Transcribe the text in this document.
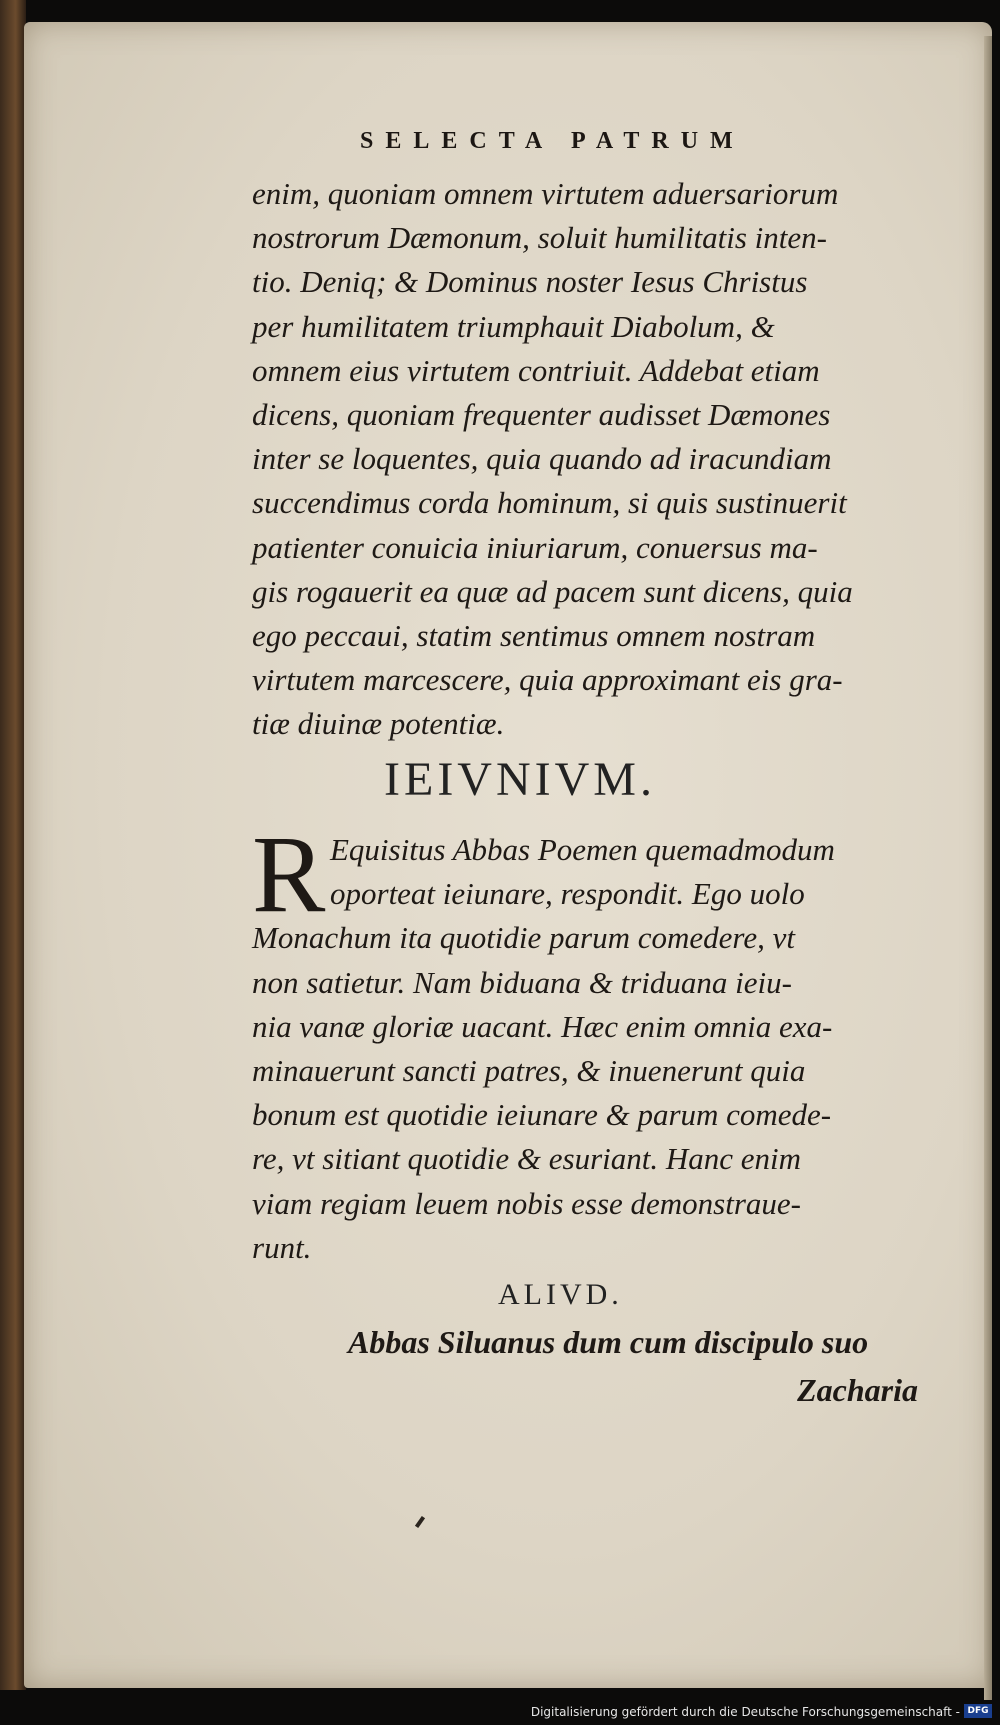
SELECTA PATRUM
enim, quoniam omnem virtutem aduersariorum
nostrorum Dæmonum, soluit humilitatis inten-
tio. Deniq; & Dominus noster Iesus Christus
per humilitatem triumphauit Diabolum, &
omnem eius virtutem contriuit. Addebat etiam
dicens, quoniam frequenter audisset Dæmones
inter se loquentes, quia quando ad iracundiam
succendimus corda hominum, si quis sustinuerit
patienter conuicia iniuriarum, conuersus ma-
gis rogauerit ea quæ ad pacem sunt dicens, quia
ego peccaui, statim sentimus omnem nostram
virtutem marcescere, quia approximant eis gra-
tiæ diuinæ potentiæ.
IEIVNIVM.
R Equisitus Abbas Poemen quemadmodum
oporteat ieiunare, respondit. Ego uolo
Monachum ita quotidie parum comedere, vt
non satietur. Nam biduana & triduana ieiu-
nia vanæ gloriæ uacant. Hæc enim omnia exa-
minauerunt sancti patres, & inuenerunt quia
bonum est quotidie ieiunare & parum comede-
re, vt sitiant quotidie & esuriant. Hanc enim
viam regiam leuem nobis esse demonstraue-
runt.
ALIVD.
Abbas Siluanus dum cum discipulo suo
Zacharia
Digitalisierung gefördert durch die Deutsche Forschungsgemeinschaft - DFG
